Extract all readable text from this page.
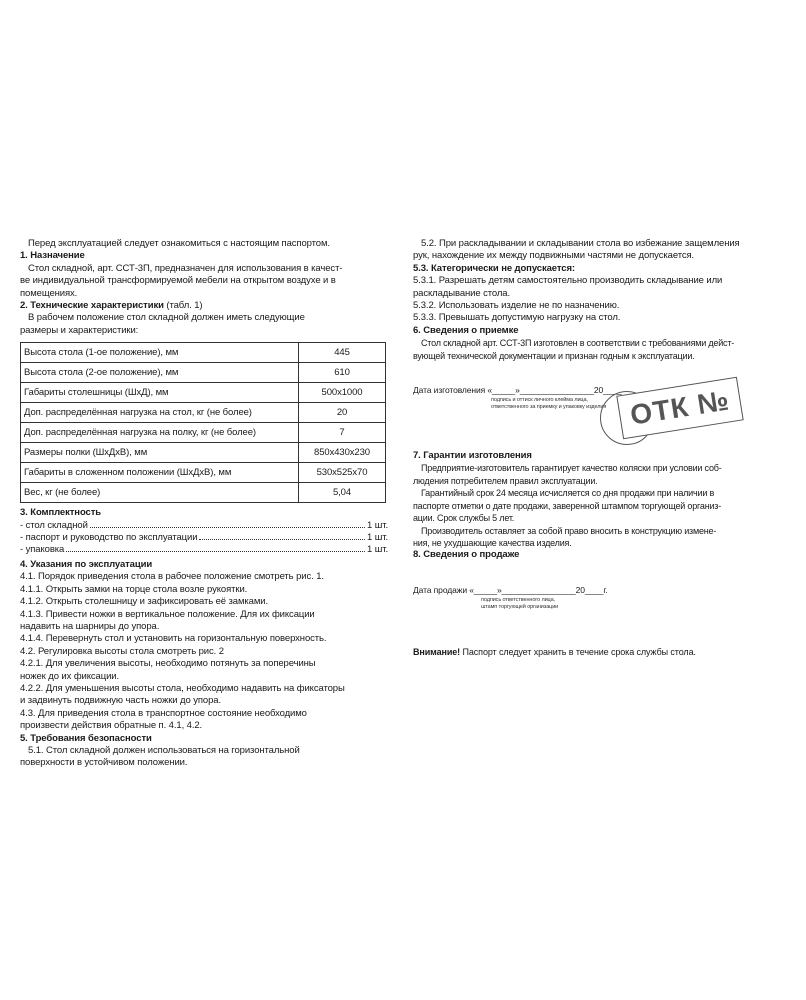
Перед эксплуатацией следует ознакомиться с настоящим паспортом.

1. Назначение

Стол складной, арт. ССТ-3П, предназначен для использования в качест-

ве индивидуальной трансформируемой мебели на открытом воздухе и в

помещениях.

2. Технические характеристики (табл. 1)

В рабочем положение стол складной должен иметь следующие

размеры и характеристики:

Высота стола (1-ое положение), мм	445
Высота стола (2-ое положение), мм	610
Габариты столешницы (ШхД), мм	500х1000
Доп. распределённая нагрузка на стол, кг (не более)	20
Доп. распределённая нагрузка на полку, кг (не более)	7
Размеры полки (ШхДхВ), мм	850х430х230
Габариты в сложенном положении (ШхДхВ), мм	530х525х70
Вес, кг (не более)	5,04

3. Комплектность

- стол складной	1 шт.
- паспорт и руководство по эксплуатации	1 шт.
- упаковка	1 шт.

4. Указания по эксплуатации

4.1. Порядок приведения стола в рабочее положение смотреть рис. 1.

4.1.1. Открыть замки на торце стола возле рукоятки.

4.1.2. Открыть столешницу и зафиксировать её замками.

4.1.3. Привести ножки в вертикальное положение. Для их фиксации

надавить на шарниры до упора.

4.1.4. Перевернуть стол и установить на горизонтальную поверхность.

4.2. Регулировка высоты стола смотреть рис. 2

4.2.1. Для увеличения высоты, необходимо потянуть за поперечины

ножек до их фиксации.

4.2.2. Для уменьшения высоты стола, необходимо надавить на фиксаторы

и задвинуть подвижную часть ножки до упора.

4.3. Для приведения стола в транспортное состояние необходимо

произвести действия обратные п. 4.1, 4.2.

5. Требования безопасности

5.1. Стол складной должен использоваться на горизонтальной

поверхности в устойчивом положении.

5.2. При раскладывании и складывании стола во избежание защемления

рук, нахождение их между подвижными частями не допускается.

5.3. Категорически не допускается:

5.3.1. Разрешать детям самостоятельно производить складывание или

раскладывание стола.

5.3.2. Использовать изделие не по назначению.

5.3.3. Превышать допустимую нагрузку на стол.

6. Сведения о приемке

Стол складной арт. ССТ-3П изготовлен в соответствии с требованиями дейст-

вующей технической документации и признан годным к эксплуатации.

Дата изготовления «_____»________________20____

подпись и оттиск личного клейма лица,

ответственного за приемку и упаковку изделия

7. Гарантии изготовления

Предприятие-изготовитель гарантирует качество коляски при условии соб-

людения потребителем правил эксплуатации.

Гарантийный срок 24 месяца исчисляется со дня продажи при наличии в

паспорте отметки о дате продажи, заверенной штампом торгующей организ-

ации. Срок службы 5 лет.

Производитель оставляет за собой право вносить в конструкцию измене-

ния, не ухудшающие качества изделия.

8. Сведения о продаже

Дата продажи «_____»________________20____г.

подпись ответственного лица,

штамп торгующей организации

Внимание! Паспорт следует хранить в течение срока службы стола.

ОТК №
